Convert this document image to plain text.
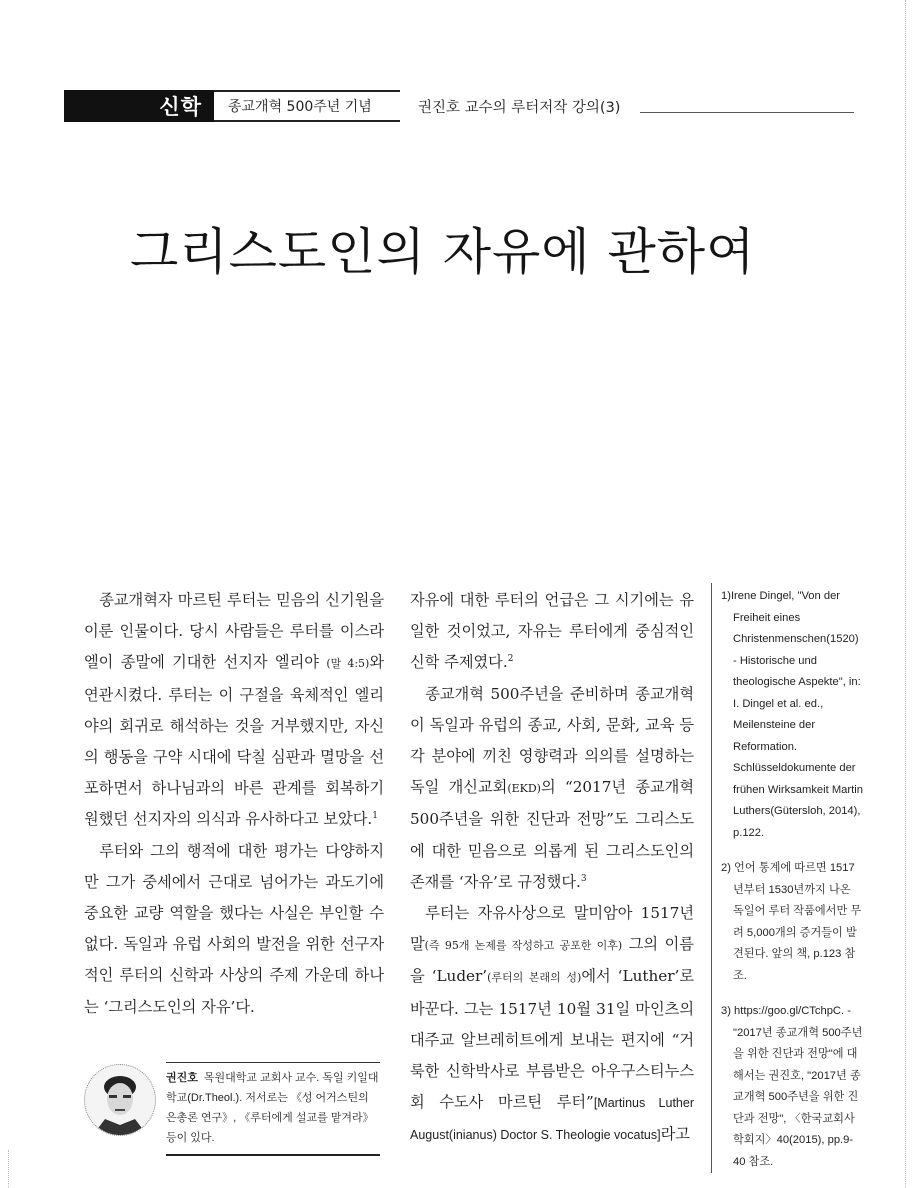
신학	종교개혁 500주년 기념	권진호 교수의 루터저작 강의(3)
그리스도인의 자유에 관하여

종교개혁자 마르틴 루터는 믿음의 신기원을 이룬 인물이다. 당시 사람들은 루터를 이스라엘이 종말에 기대한 선지자 엘리야 (말 4:5)와 연관시켰다. 루터는 이 구절을 육체적인 엘리야의 회귀로 해석하는 것을 거부했지만, 자신의 행동을 구약 시대에 닥칠 심판과 멸망을 선포하면서 하나님과의 바른 관계를 회복하기 원했던 선지자의 의식과 유사하다고 보았다.$^1$

루터와 그의 행적에 대한 평가는 다양하지만 그가 중세에서 근대로 넘어가는 과도기에 중요한 교량 역할을 했다는 사실은 부인할 수 없다. 독일과 유럽 사회의 발전을 위한 선구자적인 루터의 신학과 사상의 주제 가운데 하나는 ‘그리스도인의 자유’다.

자유에 대한 루터의 언급은 그 시기에는 유일한 것이었고, 자유는 루터에게 중심적인 신학 주제였다.$^2$

종교개혁 500주년을 준비하며 종교개혁이 독일과 유럽의 종교, 사회, 문화, 교육 등 각 분야에 끼친 영향력과 의의를 설명하는 독일 개신교회(EKD)의 “2017년 종교개혁 500주년을 위한 진단과 전망”도 그리스도에 대한 믿음으로 의롭게 된 그리스도인의 존재를 ‘자유’로 규정했다.$^3$

루터는 자유사상으로 말미암아 1517년 말(즉 95개 논제를 작성하고 공포한 이후) 그의 이름을 ‘Luder’(루터의 본래의 성)에서 ‘Luther’로 바꾼다. 그는 1517년 10월 31일 마인츠의 대주교 알브레히트에게 보내는 편지에 “거룩한 신학박사로 부름받은 아우구스티누스회 수도사 마르틴 루터”[Martinus Luther August(inianus) Doctor S. Theologie vocatus]라고

1)Irene Dingel, "Von der Freiheit eines Christenmenschen(1520) - Historische und theologische Aspekte", in: I. Dingel et al. ed., Meilensteine der Reformation. Schlüsseldokumente der frühen Wirksamkeit Martin Luthers(Gütersloh, 2014), p.122.

2) 언어 통계에 따르면 1517년부터 1530년까지 나온 독일어 루터 작품에서만 무려 5,000개의 증거들이 발견된다. 앞의 책, p.123 참조.

3) https://goo.gl/CTchpC. - "2017년 종교개혁 500주년을 위한 진단과 전망"에 대해서는 권진호, "2017년 종교개혁 500주년을 위한 진단과 전망", 〈한국교회사학회지〉40(2015), pp.9-40 참조.

권진호 목원대학교 교회사 교수. 독일 키일대학교(Dr.Theol.). 저서로는 《성 어거스틴의 은총론 연구》, 《루터에게 설교를 맡겨라》 등이 있다.
